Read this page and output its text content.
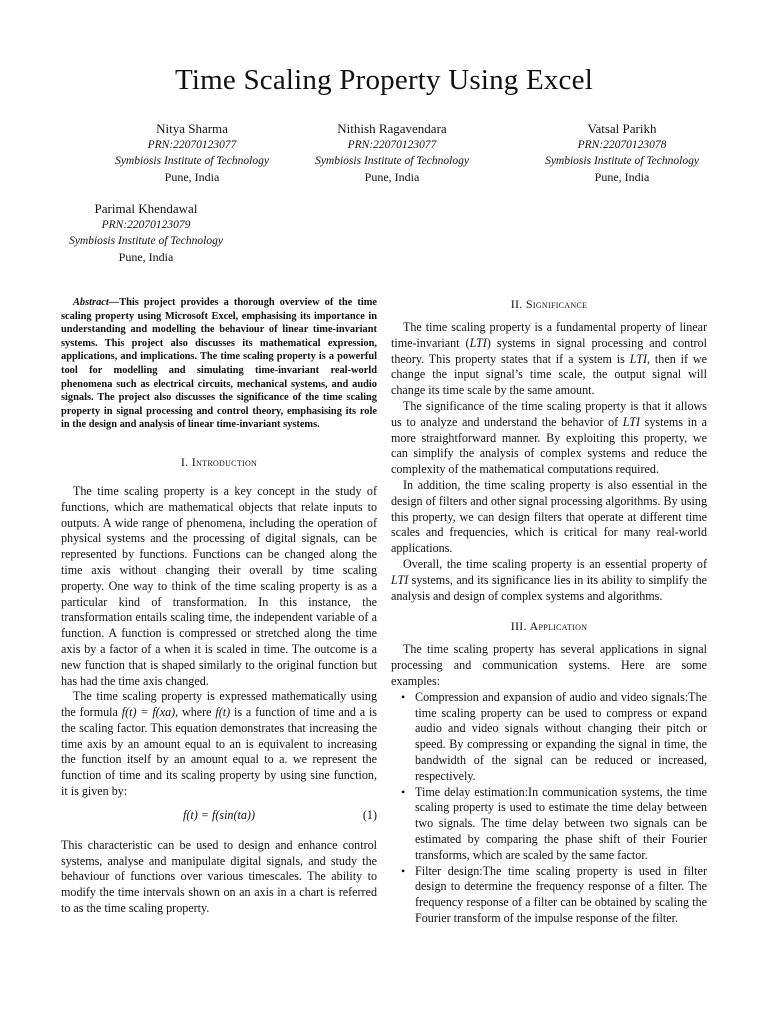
Time Scaling Property Using Excel
Nitya Sharma
PRN:22070123077
Symbiosis Institute of Technology
Pune, India
Nithish Ragavendara
PRN:22070123077
Symbiosis Institute of Technology
Pune, India
Vatsal Parikh
PRN:22070123078
Symbiosis Institute of Technology
Pune, India
Parimal Khendawal
PRN:22070123079
Symbiosis Institute of Technology
Pune, India

Abstract—This project provides a thorough overview of the time scaling property using Microsoft Excel, emphasising its importance in understanding and modelling the behaviour of linear time-invariant systems. This project also discusses its mathematical expression, applications, and implications. The time scaling property is a powerful tool for modelling and simulating time-invariant real-world phenomena such as electrical circuits, mechanical systems, and audio signals. The project also discusses the significance of the time scaling property in signal processing and control theory, emphasising its role in the design and analysis of linear time-invariant systems.

I. Introduction

The time scaling property is a key concept in the study of functions, which are mathematical objects that relate inputs to outputs. A wide range of phenomena, including the operation of physical systems and the processing of digital signals, can be represented by functions. Functions can be changed along the time axis without changing their overall by time scaling property. One way to think of the time scaling property is as a particular kind of transformation. In this instance, the transformation entails scaling time, the independent variable of a function. A function is compressed or stretched along the time axis by a factor of a when it is scaled in time. The outcome is a new function that is shaped similarly to the original function but has had the time axis changed.

The time scaling property is expressed mathematically using the formula f(t) = f(xa), where f(t) is a function of time and a is the scaling factor. This equation demonstrates that increasing the time axis by an amount equal to an is equivalent to increasing the function itself by an amount equal to a. we represent the function of time and its scaling property by using sine function, it is given by:

f(t) = f(sin(ta))	(1)

This characteristic can be used to design and enhance control systems, analyse and manipulate digital signals, and study the behaviour of functions over various timescales. The ability to modify the time intervals shown on an axis in a chart is referred to as the time scaling property.

II. Significance

The time scaling property is a fundamental property of linear time-invariant (LTI) systems in signal processing and control theory. This property states that if a system is LTI, then if we change the input signal’s time scale, the output signal will change its time scale by the same amount.

The significance of the time scaling property is that it allows us to analyze and understand the behavior of LTI systems in a more straightforward manner. By exploiting this property, we can simplify the analysis of complex systems and reduce the complexity of the mathematical computations required.

In addition, the time scaling property is also essential in the design of filters and other signal processing algorithms. By using this property, we can design filters that operate at different time scales and frequencies, which is critical for many real-world applications.

Overall, the time scaling property is an essential property of LTI systems, and its significance lies in its ability to simplify the analysis and design of complex systems and algorithms.

III. Application

The time scaling property has several applications in signal processing and communication systems. Here are some examples:

• Compression and expansion of audio and video signals:The time scaling property can be used to compress or expand audio and video signals without changing their pitch or speed. By compressing or expanding the signal in time, the bandwidth of the signal can be reduced or increased, respectively.
• Time delay estimation:In communication systems, the time scaling property is used to estimate the time delay between two signals. The time delay between two signals can be estimated by comparing the phase shift of their Fourier transforms, which are scaled by the same factor.
• Filter design:The time scaling property is used in filter design to determine the frequency response of a filter. The frequency response of a filter can be obtained by scaling the Fourier transform of the impulse response of the filter.
